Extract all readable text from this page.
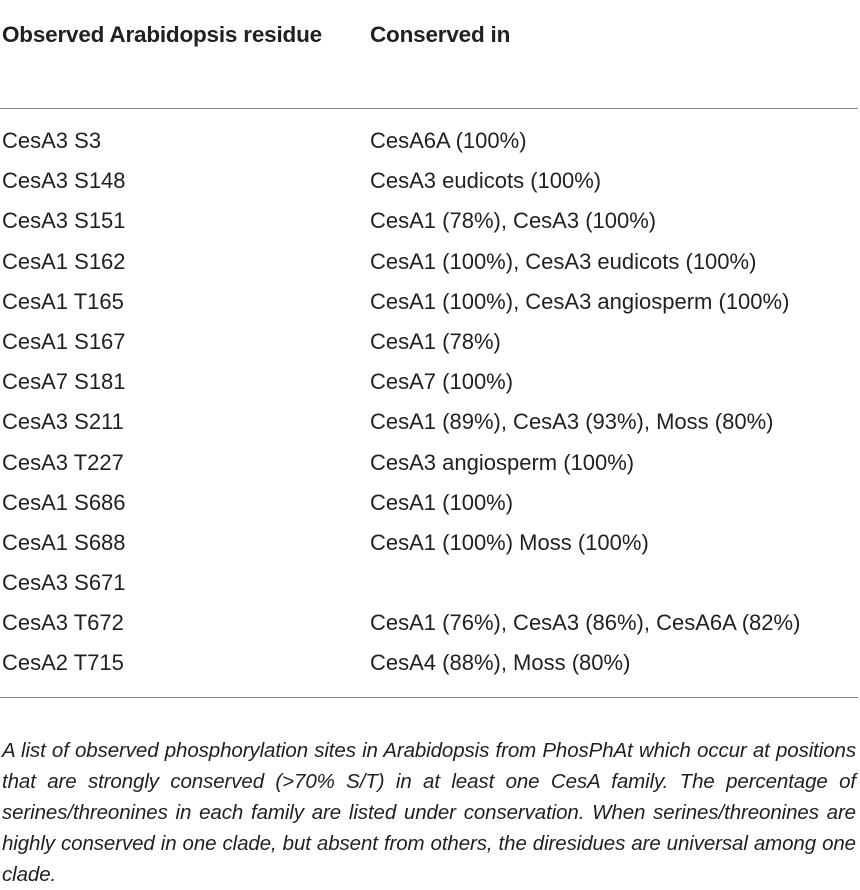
Observed Arabidopsis residue	Conserved in
CesA3 S3	CesA6A (100%)
CesA3 S148	CesA3 eudicots (100%)
CesA3 S151	CesA1 (78%), CesA3 (100%)
CesA1 S162	CesA1 (100%), CesA3 eudicots (100%)
CesA1 T165	CesA1 (100%), CesA3 angiosperm (100%)
CesA1 S167	CesA1 (78%)
CesA7 S181	CesA7 (100%)
CesA3 S211	CesA1 (89%), CesA3 (93%), Moss (80%)
CesA3 T227	CesA3 angiosperm (100%)
CesA1 S686	CesA1 (100%)
CesA1 S688	CesA1 (100%) Moss (100%)
CesA3 S671
CesA3 T672	CesA1 (76%), CesA3 (86%), CesA6A (82%)
CesA2 T715	CesA4 (88%), Moss (80%)

A list of observed phosphorylation sites in Arabidopsis from PhosPhAt which occur at positions that are strongly conserved (>70% S/T) in at least one CesA family. The percentage of serines/threonines in each family are listed under conservation. When serines/threonines are highly conserved in one clade, but absent from others, the diresidues are universal among one clade.
